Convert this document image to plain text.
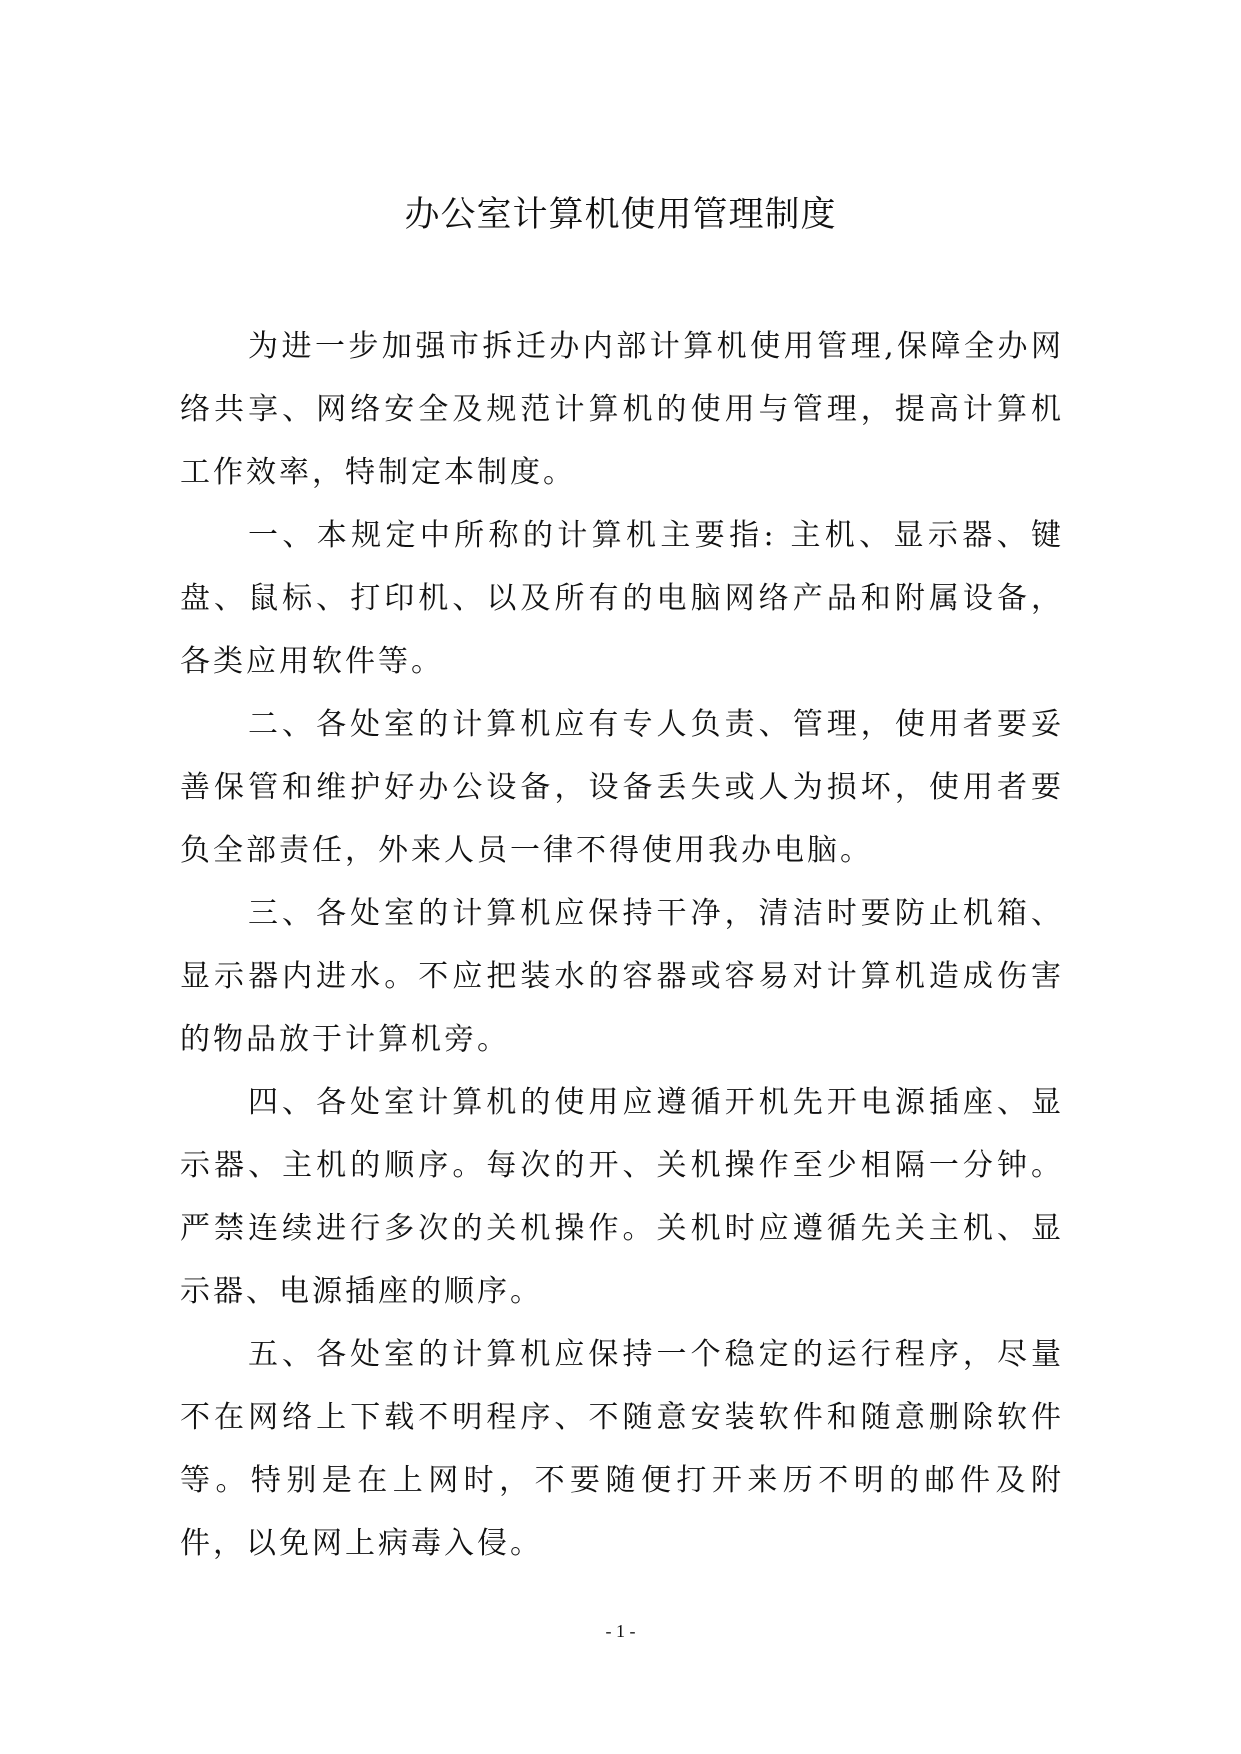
办公室计算机使用管理制度

为进一步加强市拆迁办内部计算机使用管理,保障全办网络共享、网络安全及规范计算机的使用与管理，提高计算机工作效率，特制定本制度。

一、本规定中所称的计算机主要指: 主机、显示器、键盘、鼠标、打印机、以及所有的电脑网络产品和附属设备，各类应用软件等。

二、各处室的计算机应有专人负责、管理，使用者要妥善保管和维护好办公设备，设备丢失或人为损坏，使用者要负全部责任，外来人员一律不得使用我办电脑。

三、各处室的计算机应保持干净，清洁时要防止机箱、显示器内进水。不应把装水的容器或容易对计算机造成伤害的物品放于计算机旁。

四、各处室计算机的使用应遵循开机先开电源插座、显示器、主机的顺序。每次的开、关机操作至少相隔一分钟。严禁连续进行多次的关机操作。关机时应遵循先关主机、显示器、电源插座的顺序。

五、各处室的计算机应保持一个稳定的运行程序，尽量不在网络上下载不明程序、不随意安装软件和随意删除软件等。特别是在上网时，不要随便打开来历不明的邮件及附件，以免网上病毒入侵。

- 1 -
